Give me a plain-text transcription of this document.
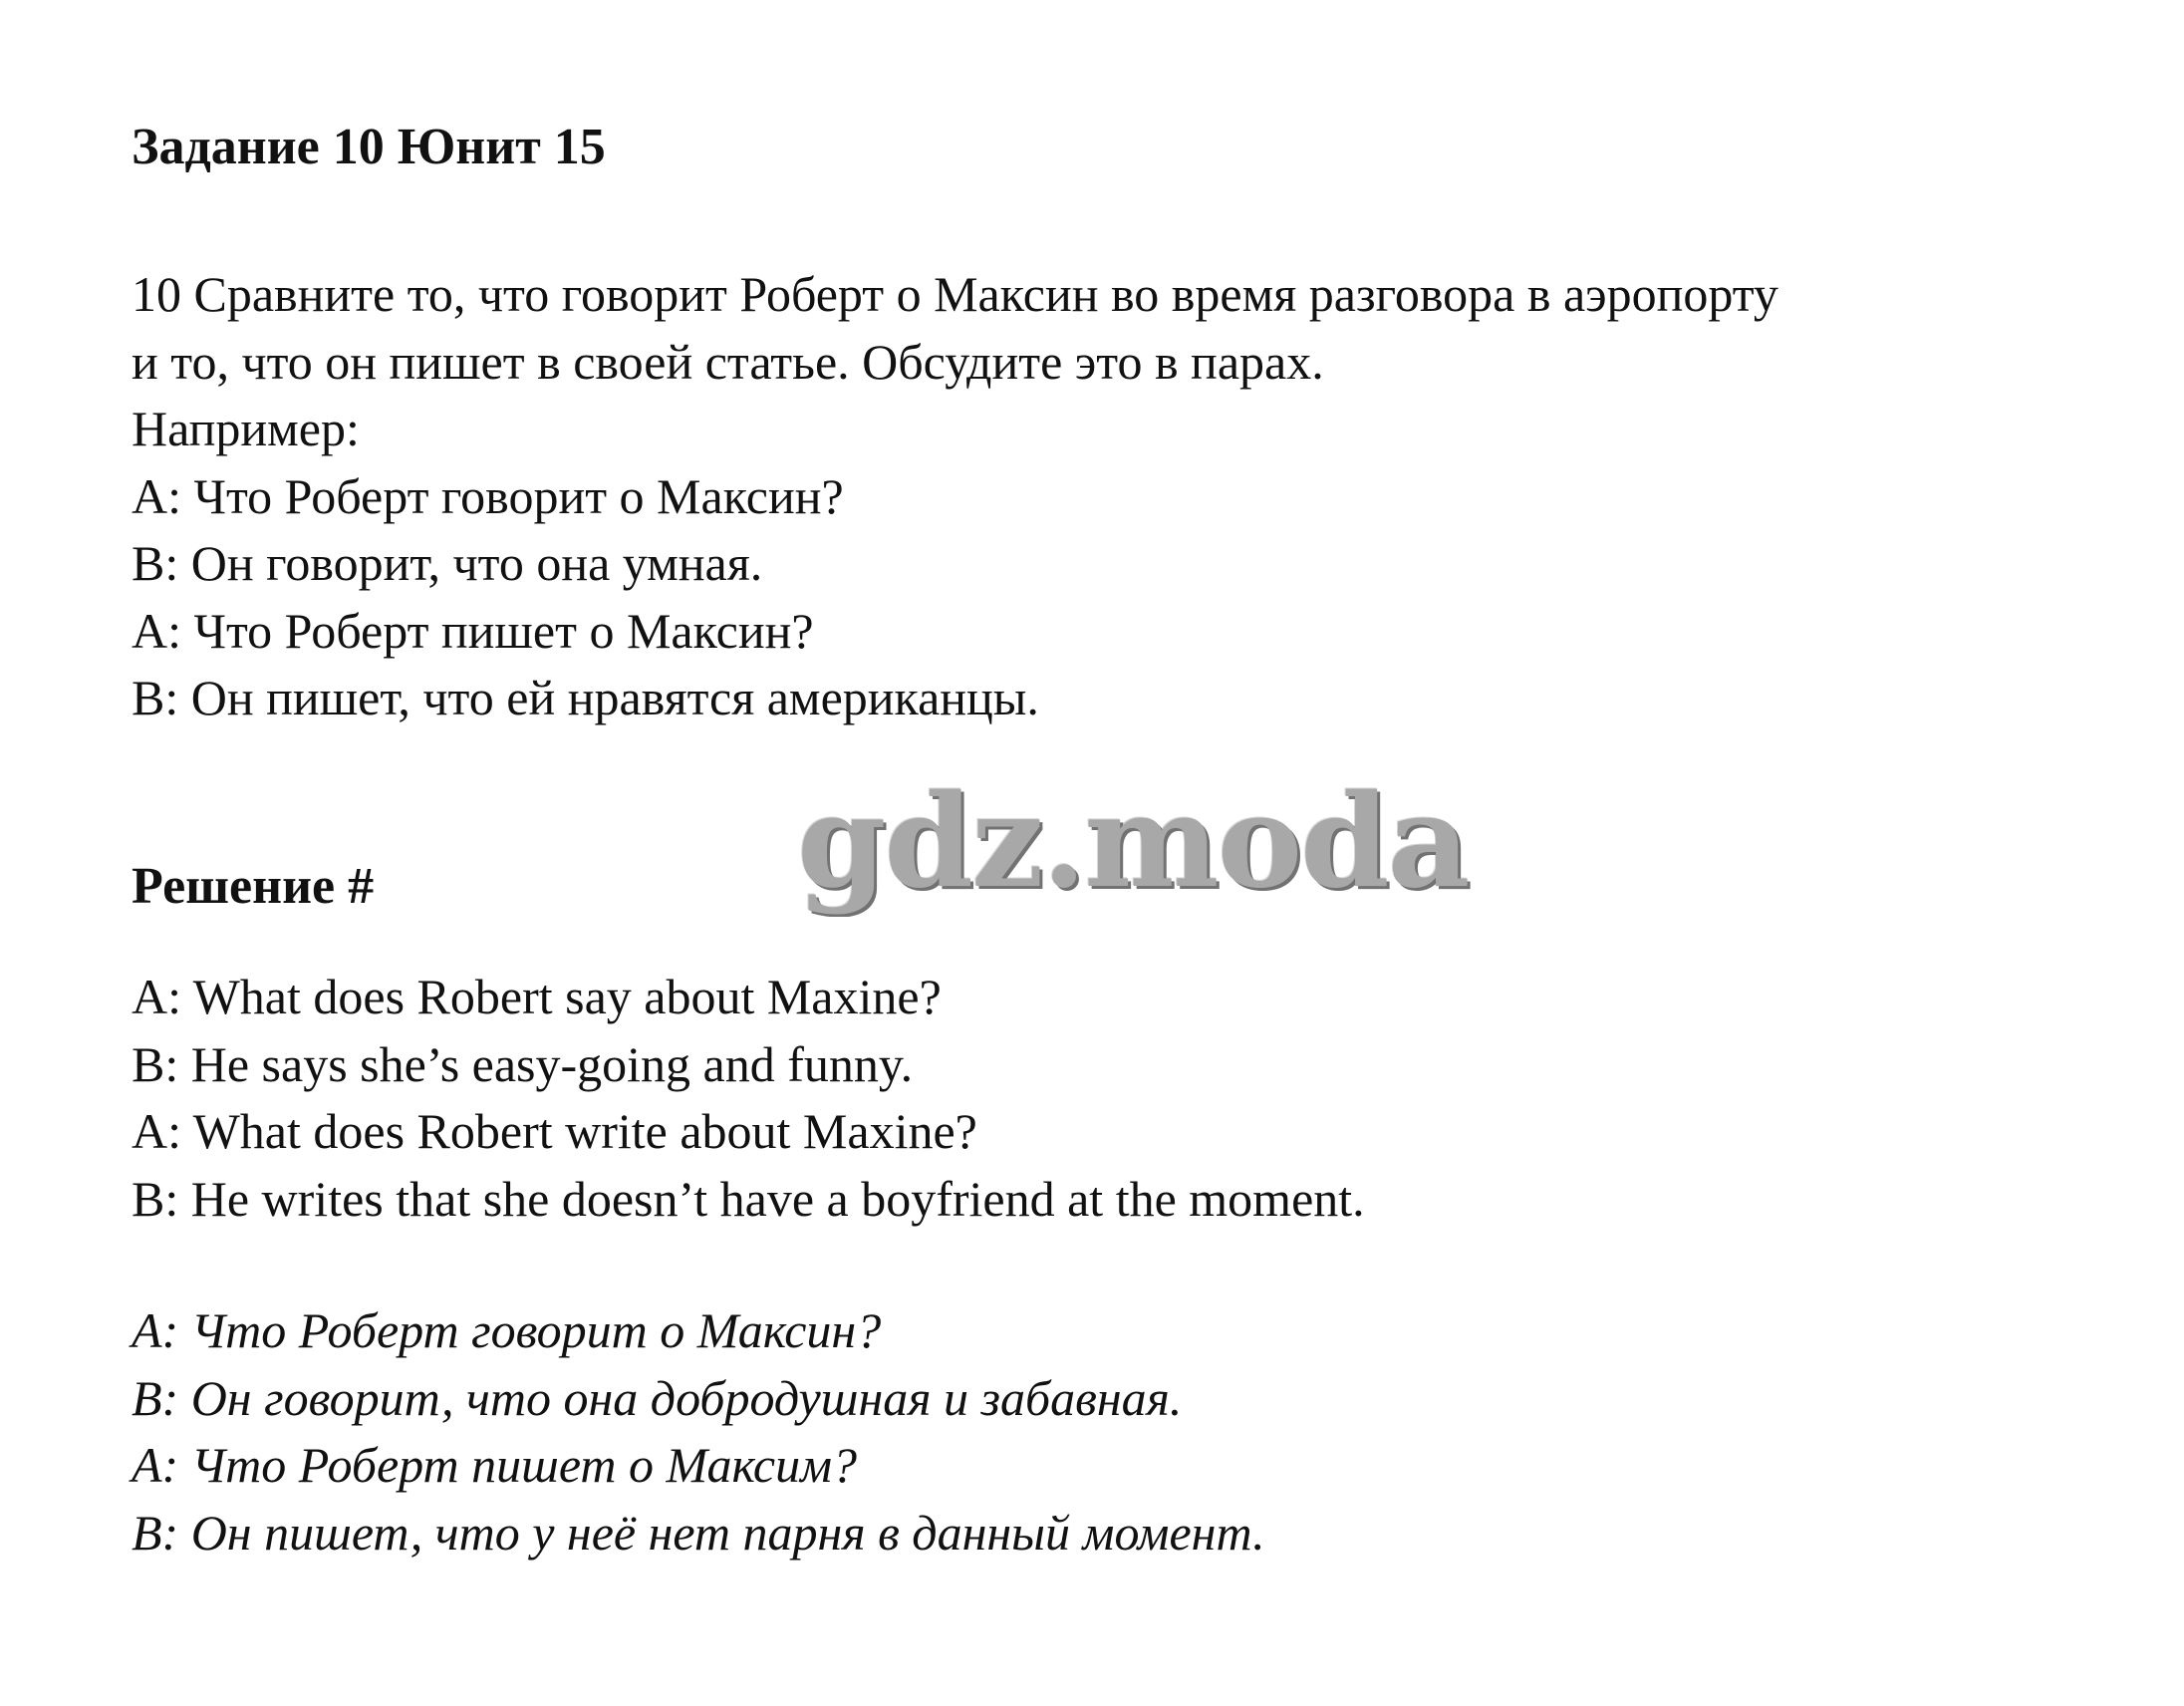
Задание 10 Юнит 15
10 Сравните то, что говорит Роберт о Максин во время разговора в аэропорту
и то, что он пишет в своей статье. Обсудите это в парах.
Например:
А: Что Роберт говорит о Максин?
В: Он говорит, что она умная.
А: Что Роберт пишет о Максин?
В: Он пишет, что ей нравятся американцы.
gdz.moda
Решение #
A: What does Robert say about Maxine?
B: He says she’s easy-going and funny.
A: What does Robert write about Maxine?
B: He writes that she doesn’t have a boyfriend at the moment.
А: Что Роберт говорит о Максин?
В: Он говорит, что она добродушная и забавная.
А: Что Роберт пишет о Максим?
В: Он пишет, что у неё нет парня в данный момент.
